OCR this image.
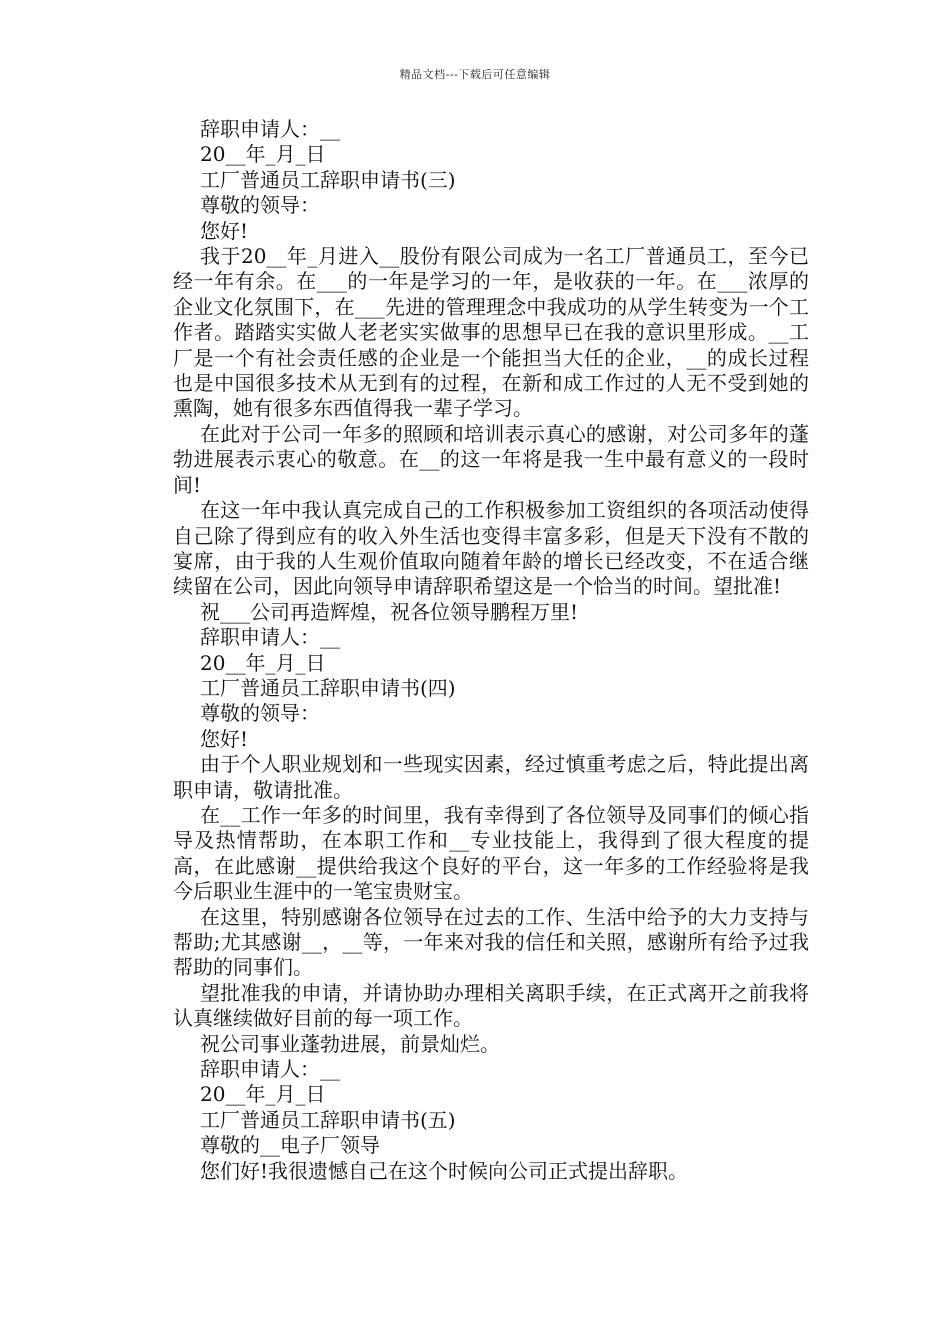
精品文档---下载后可任意编辑
辞职申请人：__
20__年_月_日
工厂普通员工辞职申请书(三)
尊敬的领导：
您好!
我于20__年_月进入__股份有限公司成为一名工厂普通员工，至今已经一年有余。在___的一年是学习的一年，是收获的一年。在___浓厚的企业文化氛围下，在___先进的管理理念中我成功的从学生转变为一个工作者。踏踏实实做人老老实实做事的思想早已在我的意识里形成。__工厂是一个有社会责任感的企业是一个能担当大任的企业，__的成长过程也是中国很多技术从无到有的过程，在新和成工作过的人无不受到她的熏陶，她有很多东西值得我一辈子学习。
在此对于公司一年多的照顾和培训表示真心的感谢，对公司多年的蓬勃进展表示衷心的敬意。在__的这一年将是我一生中最有意义的一段时间!
在这一年中我认真完成自己的工作积极参加工资组织的各项活动使得自己除了得到应有的收入外生活也变得丰富多彩，但是天下没有不散的宴席，由于我的人生观价值取向随着年龄的增长已经改变，不在适合继续留在公司，因此向领导申请辞职希望这是一个恰当的时间。望批准!
祝___公司再造辉煌，祝各位领导鹏程万里!
辞职申请人：__
20__年_月_日
工厂普通员工辞职申请书(四)
尊敬的领导：
您好!
由于个人职业规划和一些现实因素，经过慎重考虑之后，特此提出离职申请，敬请批准。
在__工作一年多的时间里，我有幸得到了各位领导及同事们的倾心指导及热情帮助，在本职工作和__专业技能上，我得到了很大程度的提高，在此感谢__提供给我这个良好的平台，这一年多的工作经验将是我今后职业生涯中的一笔宝贵财宝。
在这里，特别感谢各位领导在过去的工作、生活中给予的大力支持与帮助;尤其感谢__，__等，一年来对我的信任和关照，感谢所有给予过我帮助的同事们。
望批准我的申请，并请协助办理相关离职手续，在正式离开之前我将认真继续做好目前的每一项工作。
祝公司事业蓬勃进展，前景灿烂。
辞职申请人：__
20__年_月_日
工厂普通员工辞职申请书(五)
尊敬的__电子厂领导
您们好!我很遗憾自己在这个时候向公司正式提出辞职。
